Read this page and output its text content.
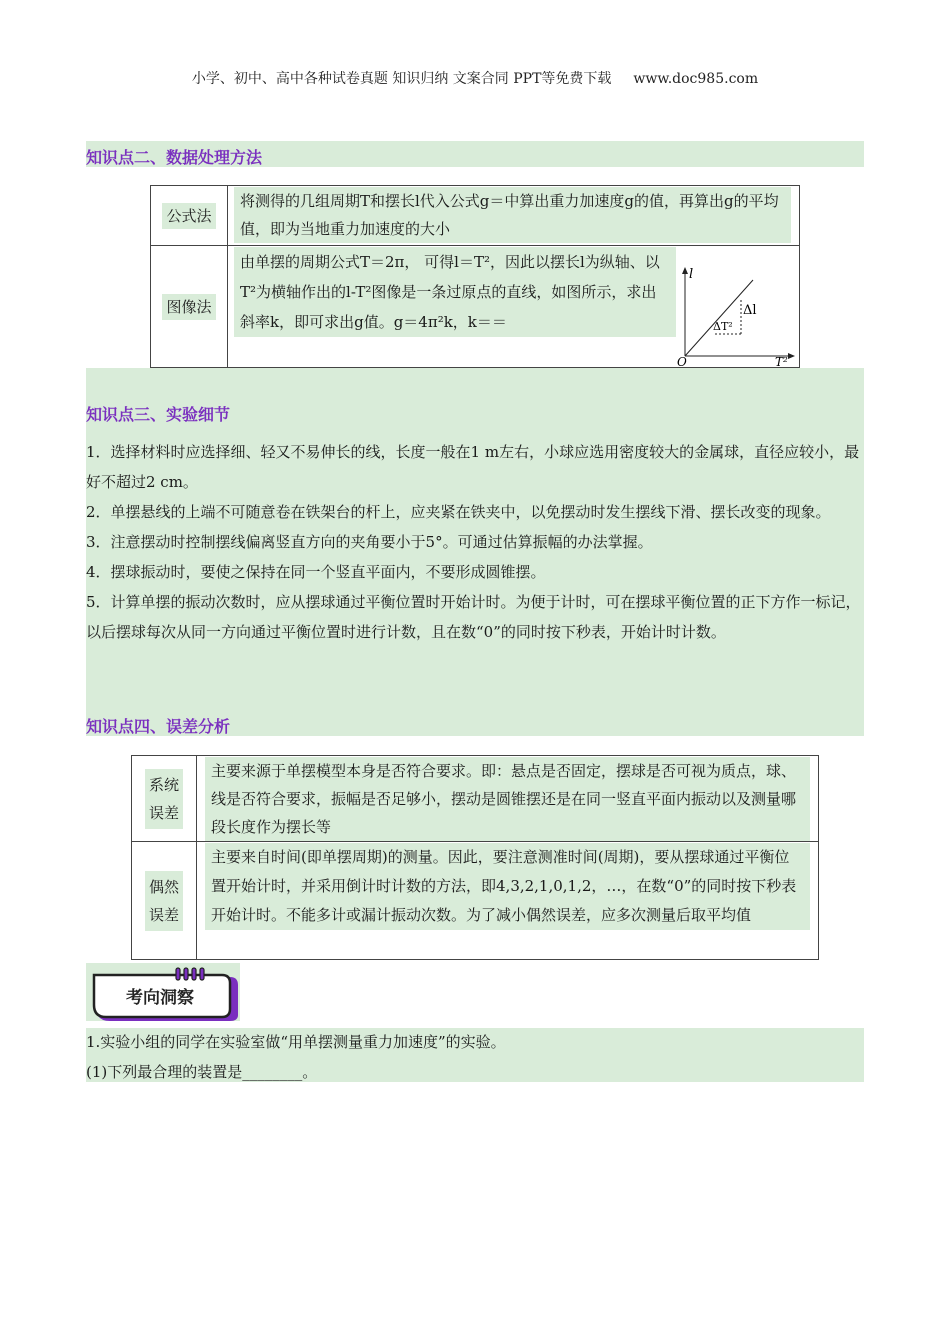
小学、初中、高中各种试卷真题 知识归纳 文案合同 PPT等免费下载 www.doc985.com
知识点二、数据处理方法
公式法	将测得的几组周期T和摆长l代入公式g＝中算出重力加速度g的值，再算出g的平均值，即为当地重力加速度的大小

图像法	由单摆的周期公式T＝2π， 可得l＝T²，因此以摆长l为纵轴、以T²为横轴作出的l-T²图像是一条过原点的直线，如图所示，求出斜率k，即可求出g值。g＝4π²k，k＝＝
l
Δl
ΔT²
O	T²
知识点三、实验细节
1．选择材料时应选择细、轻又不易伸长的线，长度一般在1 m左右，小球应选用密度较大的金属球，直径应较小，最好不超过2 cm。
2．单摆悬线的上端不可随意卷在铁架台的杆上，应夹紧在铁夹中，以免摆动时发生摆线下滑、摆长改变的现象。
3．注意摆动时控制摆线偏离竖直方向的夹角要小于5°。可通过估算振幅的办法掌握。
4．摆球振动时，要使之保持在同一个竖直平面内，不要形成圆锥摆。
5．计算单摆的振动次数时，应从摆球通过平衡位置时开始计时。为便于计时，可在摆球平衡位置的正下方作一标记，以后摆球每次从同一方向通过平衡位置时进行计数，且在数“0”的同时按下秒表，开始计时计数。
知识点四、误差分析
系统
误差	主要来源于单摆模型本身是否符合要求。即：悬点是否固定，摆球是否可视为质点，球、线是否符合要求，振幅是否足够小，摆动是圆锥摆还是在同一竖直平面内振动以及测量哪段长度作为摆长等

偶然
误差	主要来自时间(即单摆周期)的测量。因此，要注意测准时间(周期)，要从摆球通过平衡位置开始计时，并采用倒计时计数的方法，即4,3,2,1,0,1,2，…，在数“0”的同时按下秒表开始计时。不能多计或漏计振动次数。为了减小偶然误差，应多次测量后取平均值
考向洞察
1.实验小组的同学在实验室做“用单摆测量重力加速度”的实验。
(1)下列最合理的装置是________。
